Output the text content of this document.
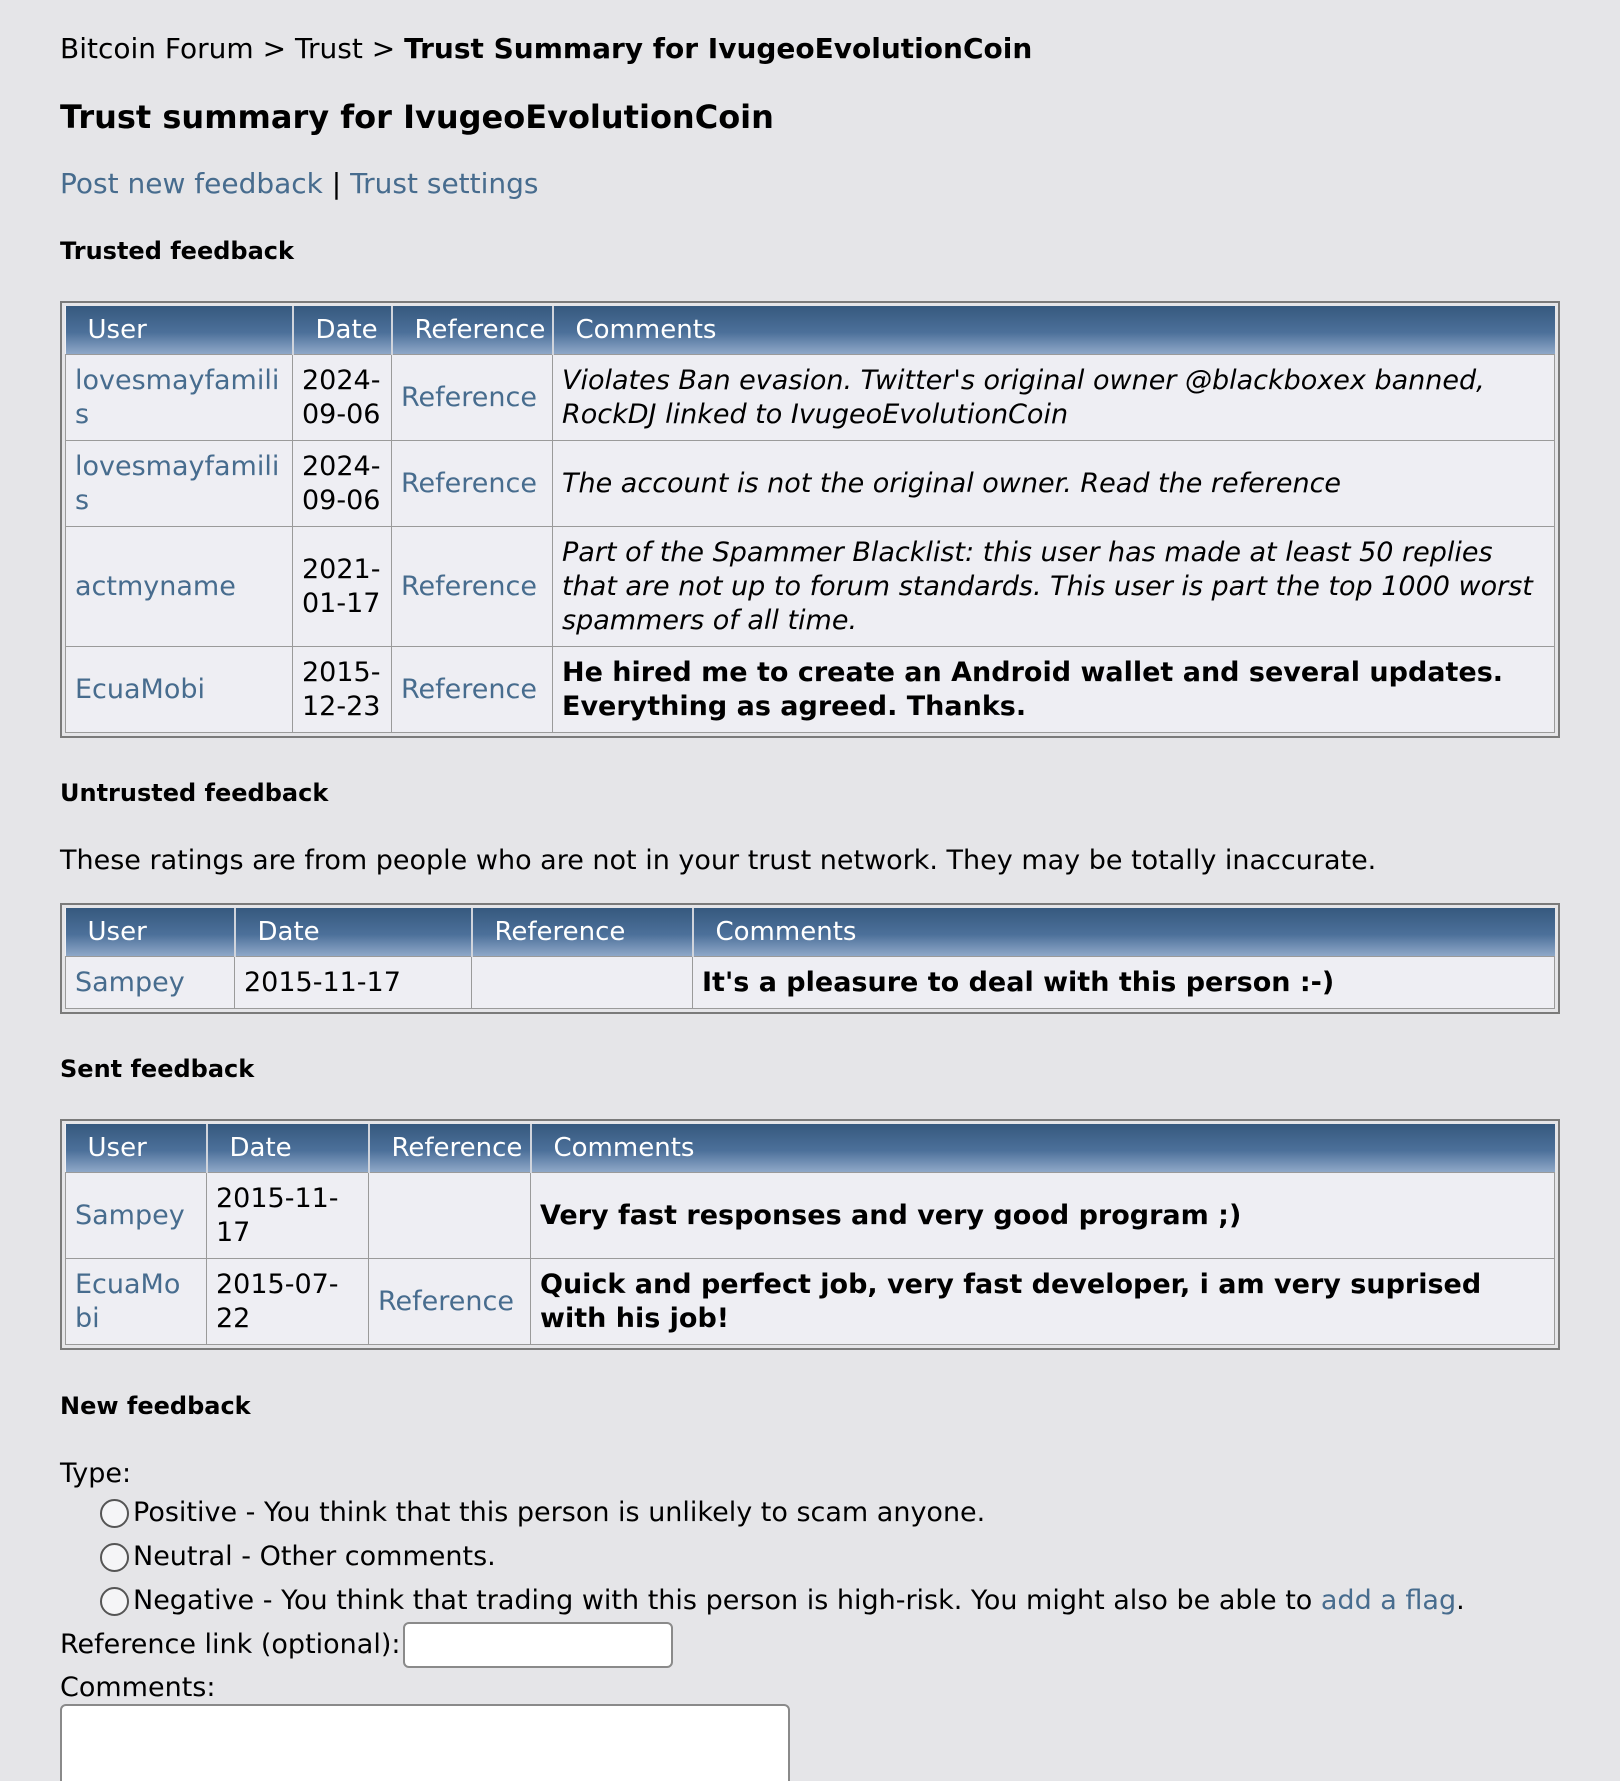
Bitcoin Forum > Trust > Trust Summary for IvugeoEvolutionCoin
Trust summary for IvugeoEvolutionCoin
Post new feedback | Trust settings
Trusted feedback
User	Date	Reference	Comments
lovesmayfamilis	2024-09-06	Reference	Violates Ban evasion. Twitter's original owner @blackboxex banned, RockDJ linked to IvugeoEvolutionCoin
lovesmayfamilis	2024-09-06	Reference	The account is not the original owner. Read the reference
actmyname	2021-01-17	Reference	Part of the Spammer Blacklist: this user has made at least 50 replies that are not up to forum standards. This user is part the top 1000 worst spammers of all time.
EcuaMobi	2015-12-23	Reference	He hired me to create an Android wallet and several updates. Everything as agreed. Thanks.
Untrusted feedback
These ratings are from people who are not in your trust network. They may be totally inaccurate.
User	Date	Reference	Comments
Sampey	2015-11-17		It's a pleasure to deal with this person :-)
Sent feedback
User	Date	Reference	Comments
Sampey	2015-11-17		Very fast responses and very good program ;)
EcuaMobi	2015-07-22	Reference	Quick and perfect job, very fast developer, i am very suprised with his job!
New feedback
Type:
Positive - You think that this person is unlikely to scam anyone.
Neutral - Other comments.
Negative - You think that trading with this person is high-risk. You might also be able to add a flag.
Reference link (optional):
Comments:
